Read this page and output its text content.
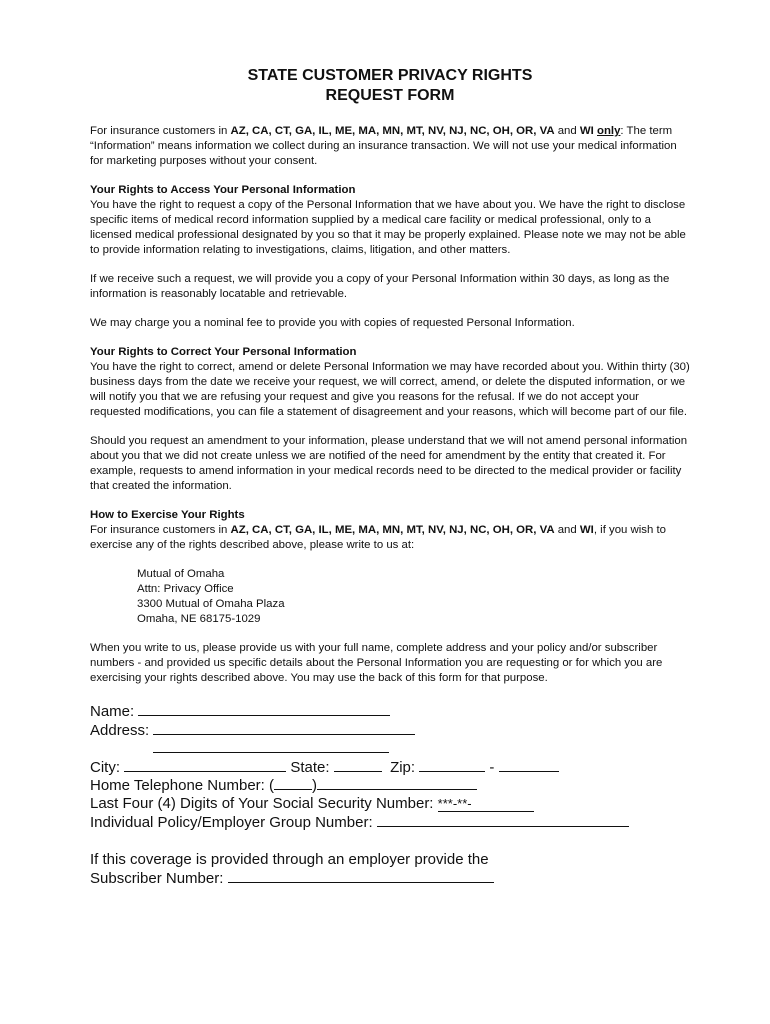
STATE CUSTOMER PRIVACY RIGHTS
REQUEST FORM

For insurance customers in AZ, CA, CT, GA, IL, ME, MA, MN, MT, NV, NJ, NC, OH, OR, VA and WI only: The term “Information” means information we collect during an insurance transaction. We will not use your medical information for marketing purposes without your consent.

Your Rights to Access Your Personal Information
You have the right to request a copy of the Personal Information that we have about you. We have the right to disclose specific items of medical record information supplied by a medical care facility or medical professional, only to a licensed medical professional designated by you so that it may be properly explained. Please note we may not be able to provide information relating to investigations, claims, litigation, and other matters.

If we receive such a request, we will provide you a copy of your Personal Information within 30 days, as long as the information is reasonably locatable and retrievable.

We may charge you a nominal fee to provide you with copies of requested Personal Information.

Your Rights to Correct Your Personal Information
You have the right to correct, amend or delete Personal Information we may have recorded about you. Within thirty (30) business days from the date we receive your request, we will correct, amend, or delete the disputed information, or we will notify you that we are refusing your request and give you reasons for the refusal. If we do not accept your requested modifications, you can file a statement of disagreement and your reasons, which will become part of our file.

Should you request an amendment to your information, please understand that we will not amend personal information about you that we did not create unless we are notified of the need for amendment by the entity that created it. For example, requests to amend information in your medical records need to be directed to the medical provider or facility that created the information.

How to Exercise Your Rights
For insurance customers in AZ, CA, CT, GA, IL, ME, MA, MN, MT, NV, NJ, NC, OH, OR, VA and WI, if you wish to exercise any of the rights described above, please write to us at:

Mutual of Omaha
Attn: Privacy Office
3300 Mutual of Omaha Plaza
Omaha, NE 68175-1029

When you write to us, please provide us with your full name, complete address and your policy and/or subscriber numbers - and provided us specific details about the Personal Information you are requesting or for which you are exercising your rights described above. You may use the back of this form for that purpose.

Name:
Address:
City:	State:	Zip:	-
Home Telephone Number: (	)
Last Four (4) Digits of Your Social Security Number: ***-**-
Individual Policy/Employer Group Number:
If this coverage is provided through an employer provide the
Subscriber Number:
